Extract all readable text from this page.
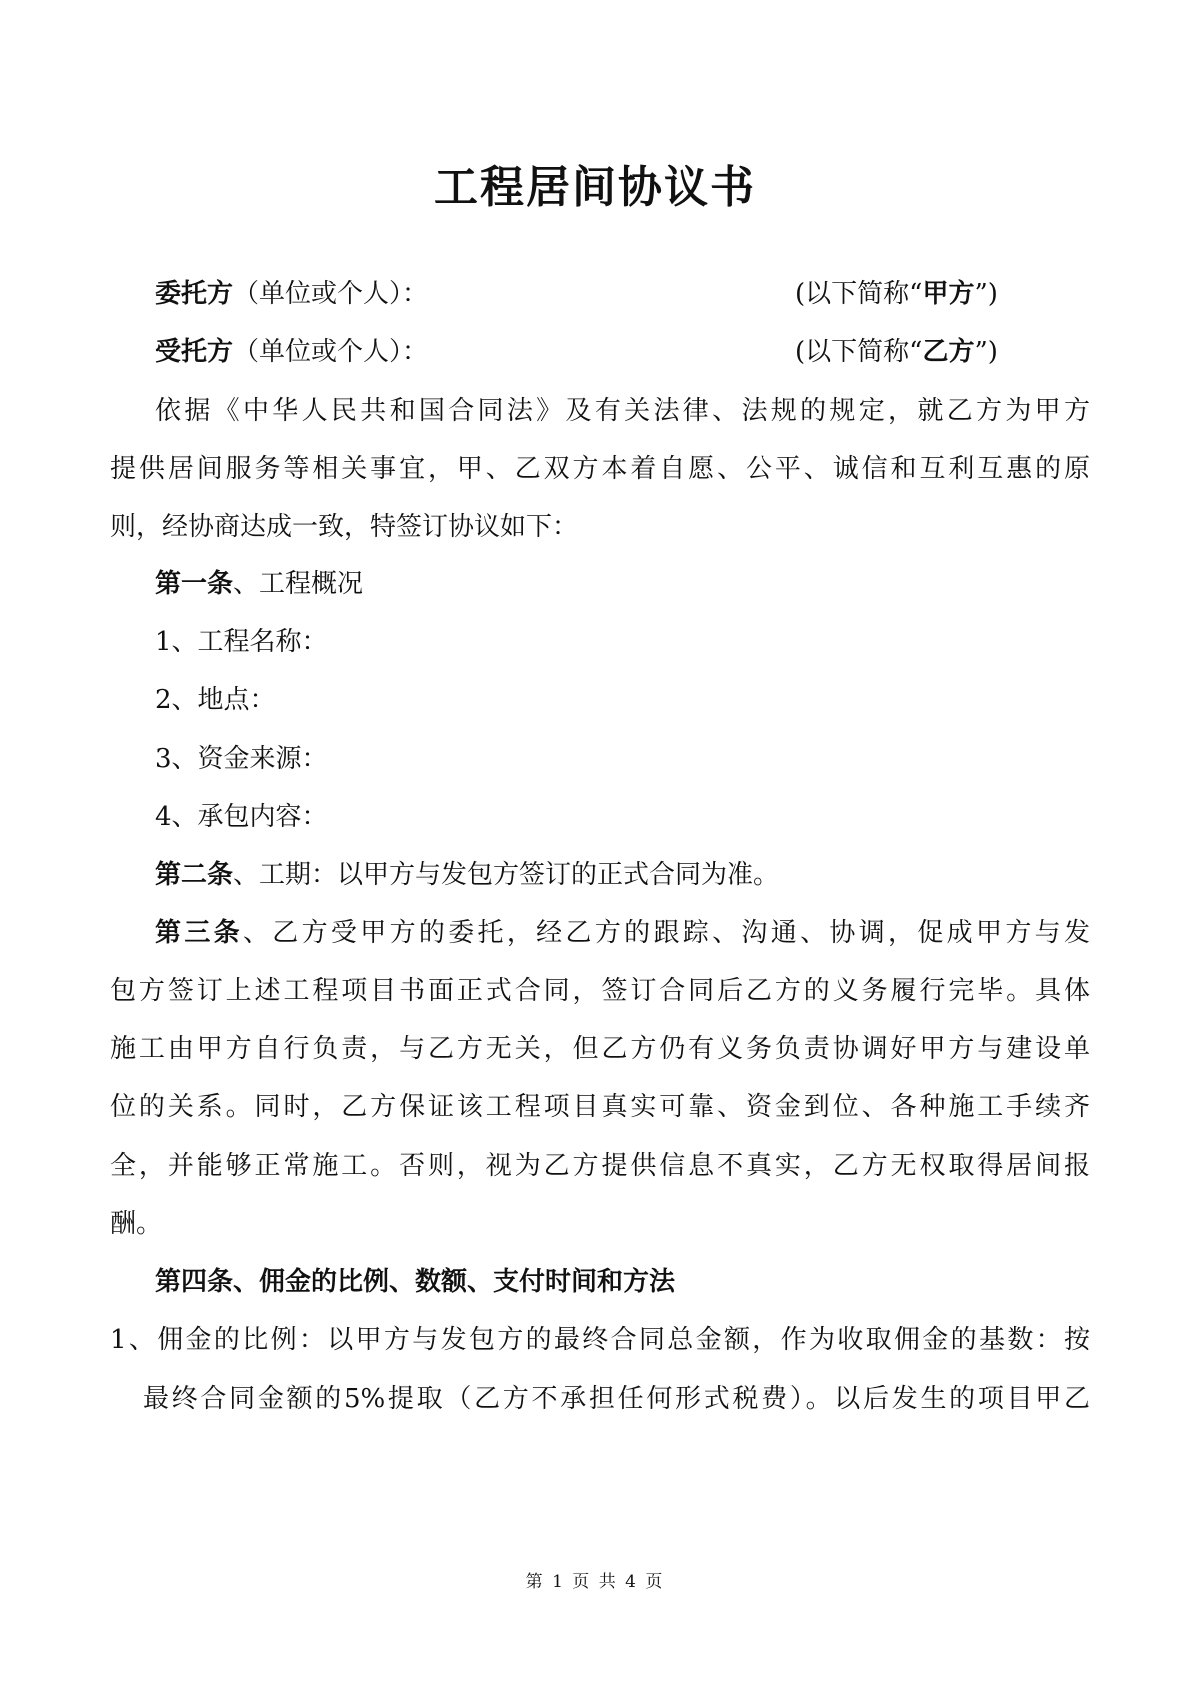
工程居间协议书
委托方（单位或个人）：	(以下简称“甲方”)
受托方（单位或个人）：	(以下简称“乙方”)
依据《中华人民共和国合同法》及有关法律、法规的规定，就乙方为甲方
提供居间服务等相关事宜，甲、乙双方本着自愿、公平、诚信和互利互惠的原
则，经协商达成一致，特签订协议如下：
第一条、工程概况
1、工程名称：
2、地点：
3、资金来源：
4、承包内容：
第二条、工期：以甲方与发包方签订的正式合同为准。
第三条、乙方受甲方的委托，经乙方的跟踪、沟通、协调，促成甲方与发
包方签订上述工程项目书面正式合同，签订合同后乙方的义务履行完毕。具体
施工由甲方自行负责，与乙方无关，但乙方仍有义务负责协调好甲方与建设单
位的关系。同时，乙方保证该工程项目真实可靠、资金到位、各种施工手续齐
全，并能够正常施工。否则，视为乙方提供信息不真实，乙方无权取得居间报
酬。
第四条、佣金的比例、数额、支付时间和方法
1、佣金的比例：以甲方与发包方的最终合同总金额，作为收取佣金的基数：按
最终合同金额的5%提取（乙方不承担任何形式税费）。以后发生的项目甲乙
第 1 页 共 4 页
